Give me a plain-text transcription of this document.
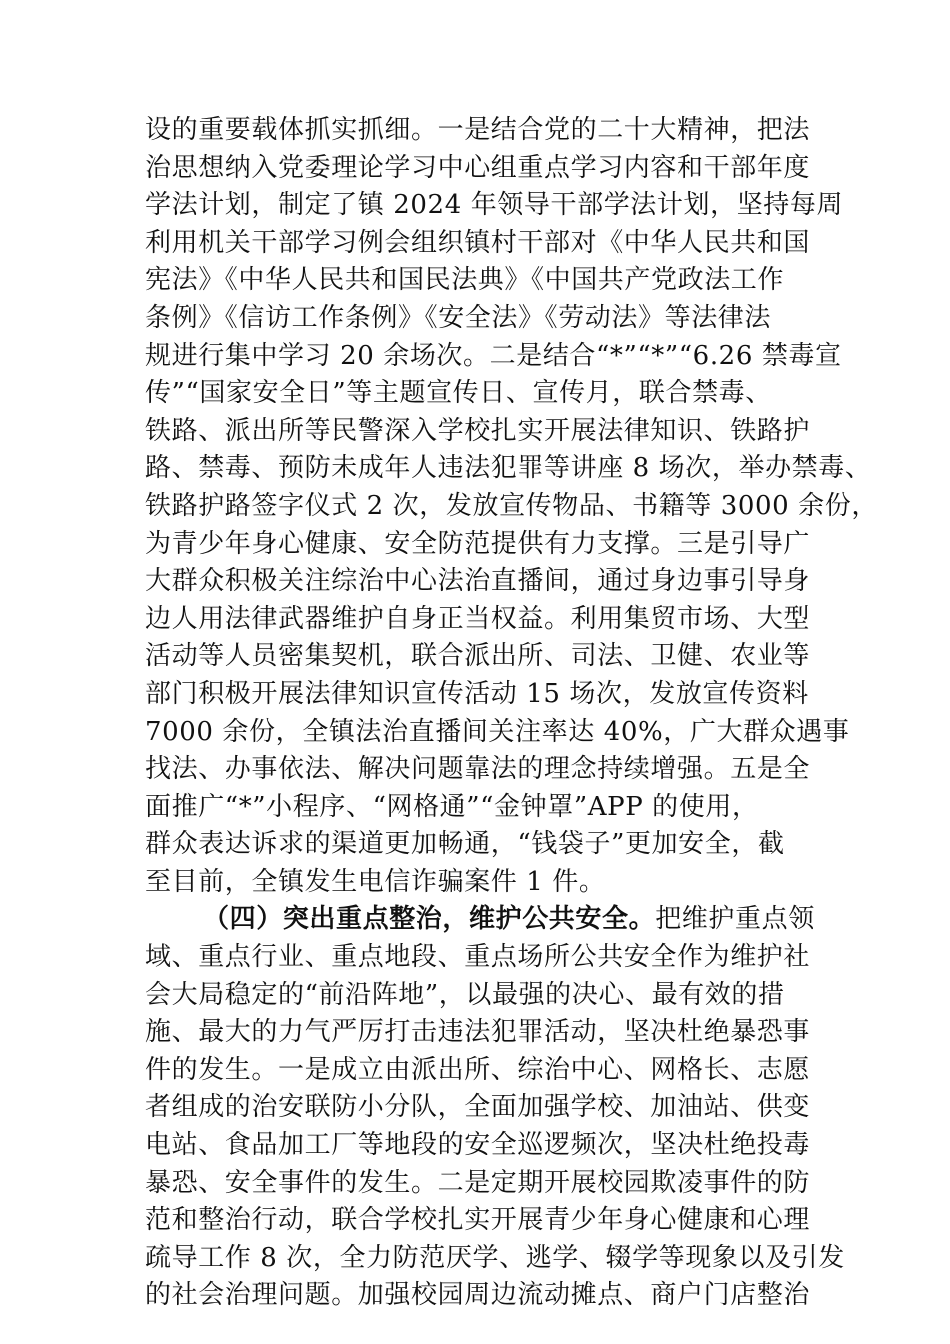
设的重要载体抓实抓细。一是结合党的二十大精神，把法
治思想纳入党委理论学习中心组重点学习内容和干部年度
学法计划，制定了镇 2024 年领导干部学法计划，坚持每周
利用机关干部学习例会组织镇村干部对《中华人民共和国
宪法》《中华人民共和国民法典》《中国共产党政法工作
条例》《信访工作条例》《安全法》《劳动法》等法律法
规进行集中学习 20 余场次。二是结合“*”“*”“6.26 禁毒宣
传”“国家安全日”等主题宣传日、宣传月，联合禁毒、
铁路、派出所等民警深入学校扎实开展法律知识、铁路护
路、禁毒、预防未成年人违法犯罪等讲座 8 场次，举办禁毒、
铁路护路签字仪式 2 次，发放宣传物品、书籍等 3000 余份，
为青少年身心健康、安全防范提供有力支撑。三是引导广
大群众积极关注综治中心法治直播间，通过身边事引导身
边人用法律武器维护自身正当权益。利用集贸市场、大型
活动等人员密集契机，联合派出所、司法、卫健、农业等
部门积极开展法律知识宣传活动 15 场次，发放宣传资料
7000 余份，全镇法治直播间关注率达 40%，广大群众遇事
找法、办事依法、解决问题靠法的理念持续增强。五是全
面推广“*”小程序、“网格通”“金钟罩”APP 的使用，
群众表达诉求的渠道更加畅通，“钱袋子”更加安全，截
至目前，全镇发生电信诈骗案件 1 件。
（四）突出重点整治，维护公共安全。把维护重点领
域、重点行业、重点地段、重点场所公共安全作为维护社
会大局稳定的“前沿阵地”，以最强的决心、最有效的措
施、最大的力气严厉打击违法犯罪活动，坚决杜绝暴恐事
件的发生。一是成立由派出所、综治中心、网格长、志愿
者组成的治安联防小分队，全面加强学校、加油站、供变
电站、食品加工厂等地段的安全巡逻频次，坚决杜绝投毒
暴恐、安全事件的发生。二是定期开展校园欺凌事件的防
范和整治行动，联合学校扎实开展青少年身心健康和心理
疏导工作 8 次，全力防范厌学、逃学、辍学等现象以及引发
的社会治理问题。加强校园周边流动摊点、商户门店整治
